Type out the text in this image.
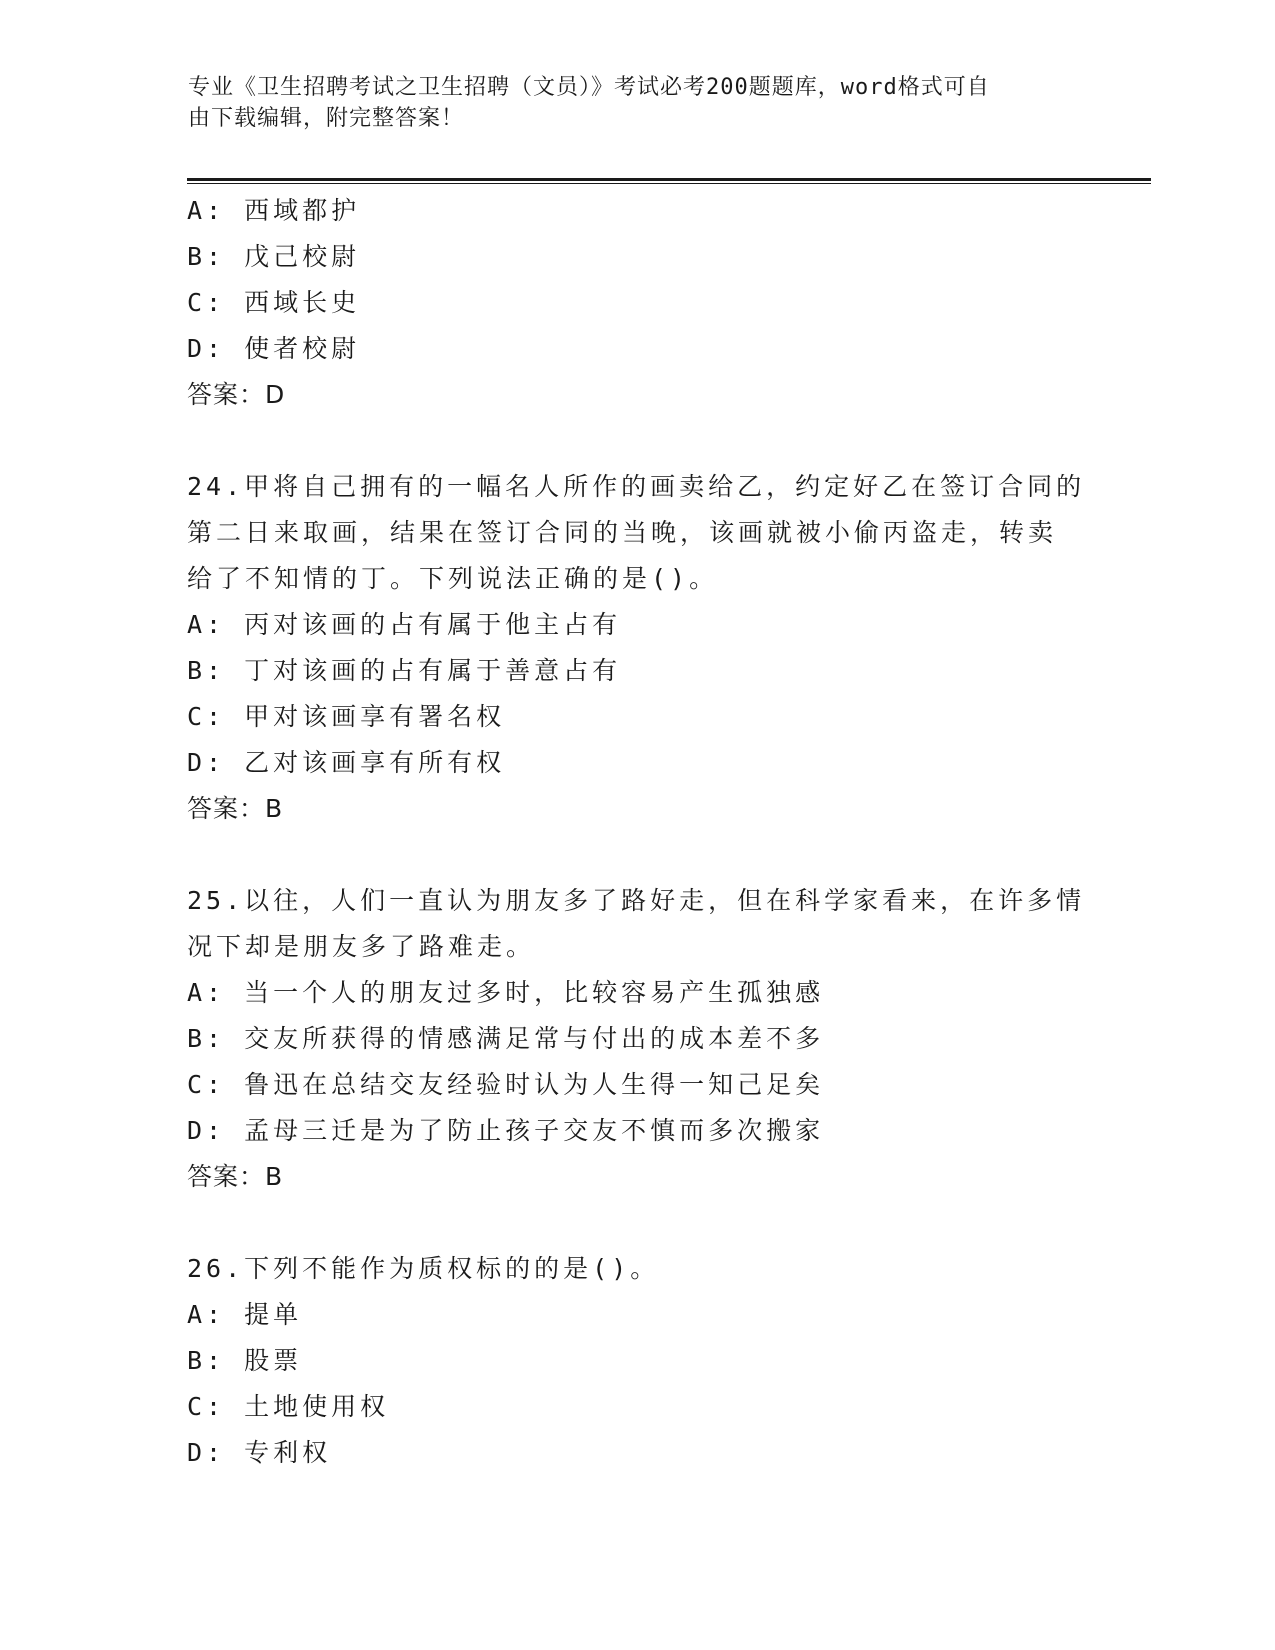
专业《卫生招聘考试之卫生招聘（文员）》考试必考200题题库，word格式可自
由下载编辑，附完整答案！
A: 西域都护
B: 戊己校尉
C: 西域长史
D: 使者校尉
答案：D
24.甲将自己拥有的一幅名人所作的画卖给乙，约定好乙在签订合同的
第二日来取画，结果在签订合同的当晚，该画就被小偷丙盗走，转卖
给了不知情的丁。下列说法正确的是()。
A: 丙对该画的占有属于他主占有
B: 丁对该画的占有属于善意占有
C: 甲对该画享有署名权
D: 乙对该画享有所有权
答案：B
25.以往，人们一直认为朋友多了路好走，但在科学家看来，在许多情
况下却是朋友多了路难走。
A: 当一个人的朋友过多时，比较容易产生孤独感
B: 交友所获得的情感满足常与付出的成本差不多
C: 鲁迅在总结交友经验时认为人生得一知己足矣
D: 孟母三迁是为了防止孩子交友不慎而多次搬家
答案：B
26.下列不能作为质权标的的是()。
A: 提单
B: 股票
C: 土地使用权
D: 专利权
